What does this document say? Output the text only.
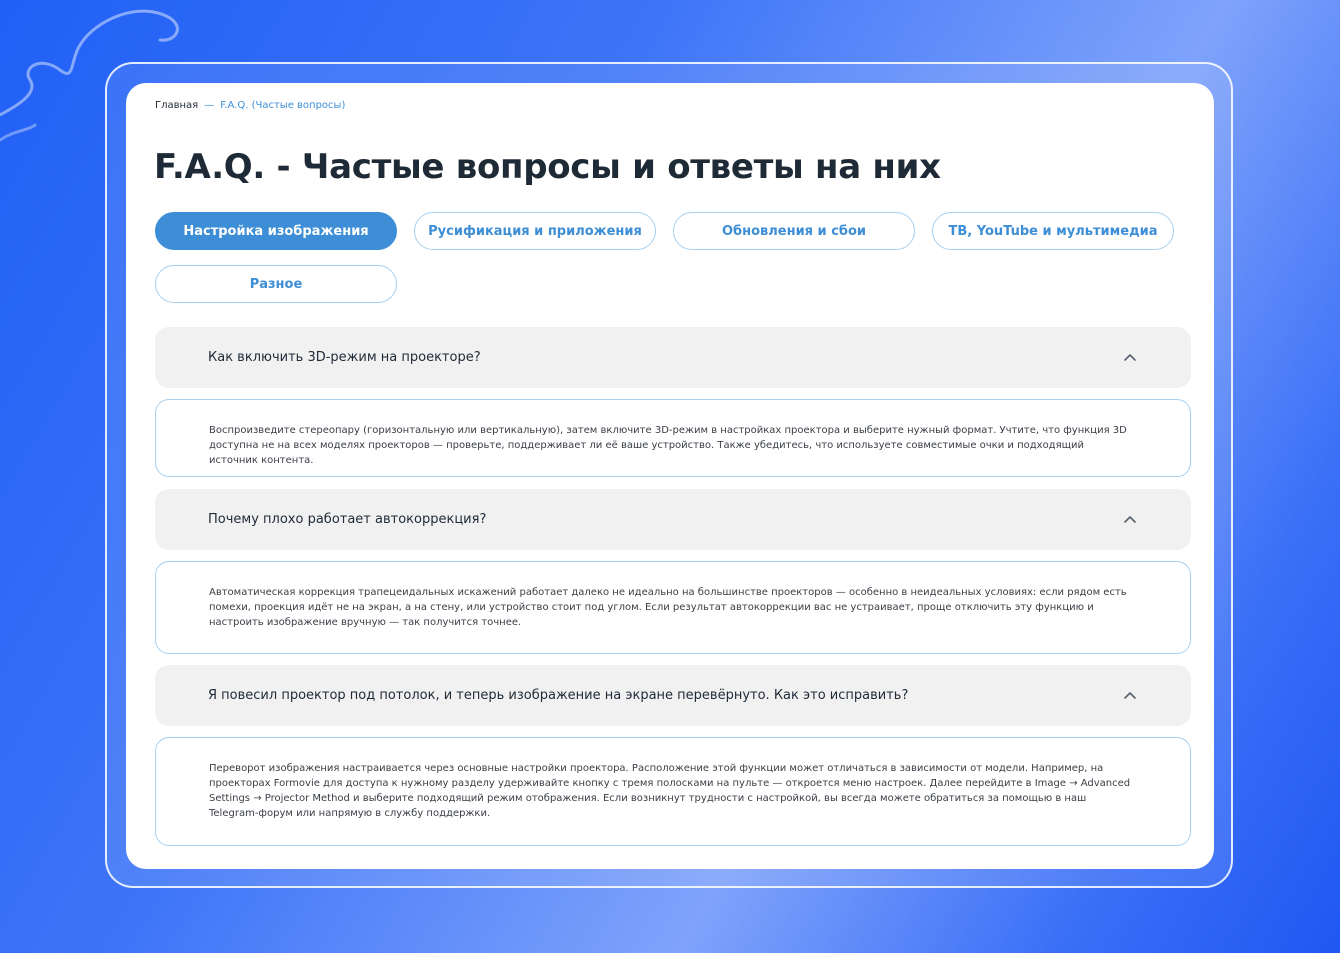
Главная — F.A.Q. (Частые вопросы)
F.A.Q. - Частые вопросы и ответы на них
Настройка изображения	Русификация и приложения	Обновления и сбои	ТВ, YouTube и мультимедиа
Разное
Как включить 3D-режим на проекторе?
Воспроизведите стереопару (горизонтальную или вертикальную), затем включите 3D-режим в настройках проектора и выберите нужный формат. Учтите, что функция 3D доступна не на всех моделях проекторов — проверьте, поддерживает ли её ваше устройство. Также убедитесь, что используете совместимые очки и подходящий источник контента.
Почему плохо работает автокоррекция?
Автоматическая коррекция трапецеидальных искажений работает далеко не идеально на большинстве проекторов — особенно в неидеальных условиях: если рядом есть помехи, проекция идёт не на экран, а на стену, или устройство стоит под углом. Если результат автокоррекции вас не устраивает, проще отключить эту функцию и настроить изображение вручную — так получится точнее.
Я повесил проектор под потолок, и теперь изображение на экране перевёрнуто. Как это исправить?
Переворот изображения настраивается через основные настройки проектора. Расположение этой функции может отличаться в зависимости от модели. Например, на проекторах Formovie для доступа к нужному разделу удерживайте кнопку с тремя полосками на пульте — откроется меню настроек. Далее перейдите в Image → Advanced Settings → Projector Method и выберите подходящий режим отображения. Если возникнут трудности с настройкой, вы всегда можете обратиться за помощью в наш Telegram-форум или напрямую в службу поддержки.
